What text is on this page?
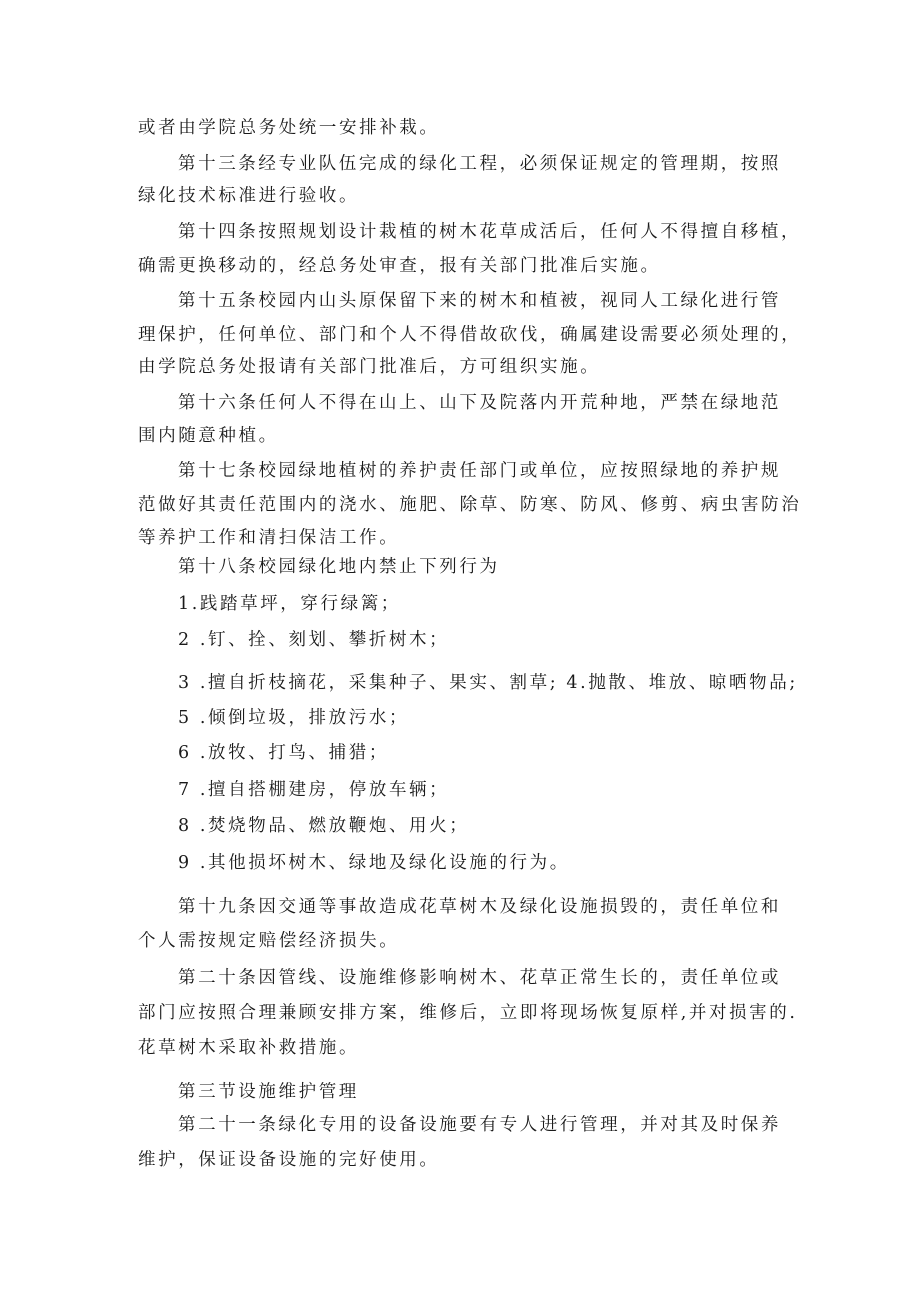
或者由学院总务处统一安排补栽。

第十三条经专业队伍完成的绿化工程，必须保证规定的管理期，按照

绿化技术标准进行验收。

第十四条按照规划设计栽植的树木花草成活后，任何人不得擅自移植，

确需更换移动的，经总务处审查，报有关部门批准后实施。

第十五条校园内山头原保留下来的树木和植被，视同人工绿化进行管

理保护，任何单位、部门和个人不得借故砍伐，确属建设需要必须处理的，

由学院总务处报请有关部门批准后，方可组织实施。

第十六条任何人不得在山上、山下及院落内开荒种地，严禁在绿地范

围内随意种植。

第十七条校园绿地植树的养护责任部门或单位，应按照绿地的养护规

范做好其责任范围内的浇水、施肥、除草、防寒、防风、修剪、病虫害防治

等养护工作和清扫保洁工作。

第十八条校园绿化地内禁止下列行为

1.践踏草坪，穿行绿篱；

2 .钉、拴、刻划、攀折树木；

3 .擅自折枝摘花，采集种子、果实、割草; 4.抛散、堆放、晾晒物品;

5 .倾倒垃圾，排放污水；

6 .放牧、打鸟、捕猎；

7 .擅自搭棚建房，停放车辆；

8 .焚烧物品、燃放鞭炮、用火；

9 .其他损坏树木、绿地及绿化设施的行为。

第十九条因交通等事故造成花草树木及绿化设施损毁的，责任单位和

个人需按规定赔偿经济损失。

第二十条因管线、设施维修影响树木、花草正常生长的，责任单位或

部门应按照合理兼顾安排方案，维修后，立即将现场恢复原样,并对损害的.

花草树木采取补救措施。

第三节设施维护管理

第二十一条绿化专用的设备设施要有专人进行管理，并对其及时保养

维护，保证设备设施的完好使用。
